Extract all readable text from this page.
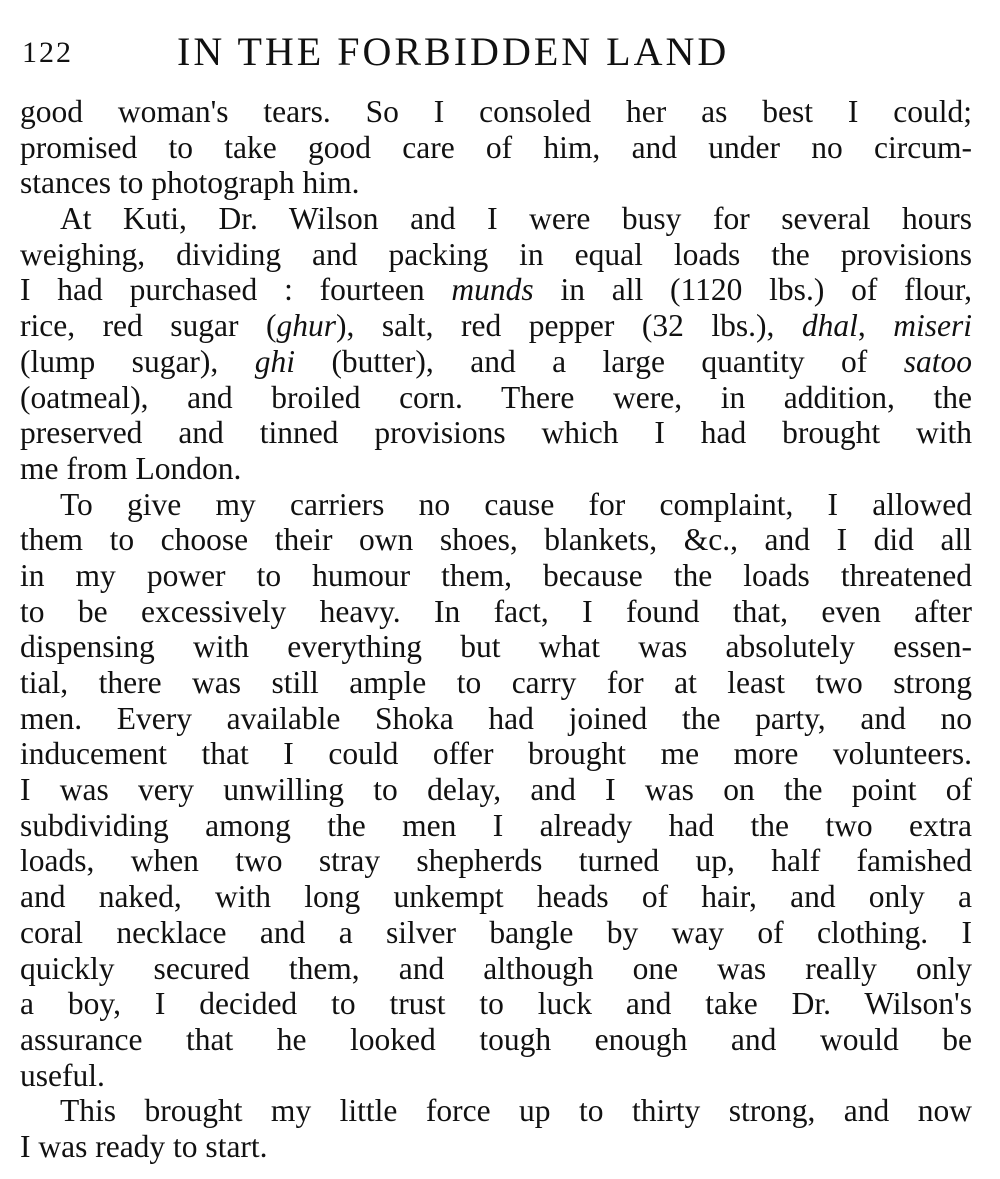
122	IN THE FORBIDDEN LAND
good woman's tears. So I consoled her as best I could;
promised to take good care of him, and under no circum-
stances to photograph him.
At Kuti, Dr. Wilson and I were busy for several hours
weighing, dividing and packing in equal loads the provisions
I had purchased : fourteen munds in all (1120 lbs.) of flour,
rice, red sugar (ghur), salt, red pepper (32 lbs.), dhal, miseri
(lump sugar), ghi (butter), and a large quantity of satoo
(oatmeal), and broiled corn. There were, in addition, the
preserved and tinned provisions which I had brought with
me from London.
To give my carriers no cause for complaint, I allowed
them to choose their own shoes, blankets, &c., and I did all
in my power to humour them, because the loads threatened
to be excessively heavy. In fact, I found that, even after
dispensing with everything but what was absolutely essen-
tial, there was still ample to carry for at least two strong
men. Every available Shoka had joined the party, and no
inducement that I could offer brought me more volunteers.
I was very unwilling to delay, and I was on the point of
subdividing among the men I already had the two extra
loads, when two stray shepherds turned up, half famished
and naked, with long unkempt heads of hair, and only a
coral necklace and a silver bangle by way of clothing. I
quickly secured them, and although one was really only
a boy, I decided to trust to luck and take Dr. Wilson's
assurance that he looked tough enough and would be
useful.
This brought my little force up to thirty strong, and now
I was ready to start.
